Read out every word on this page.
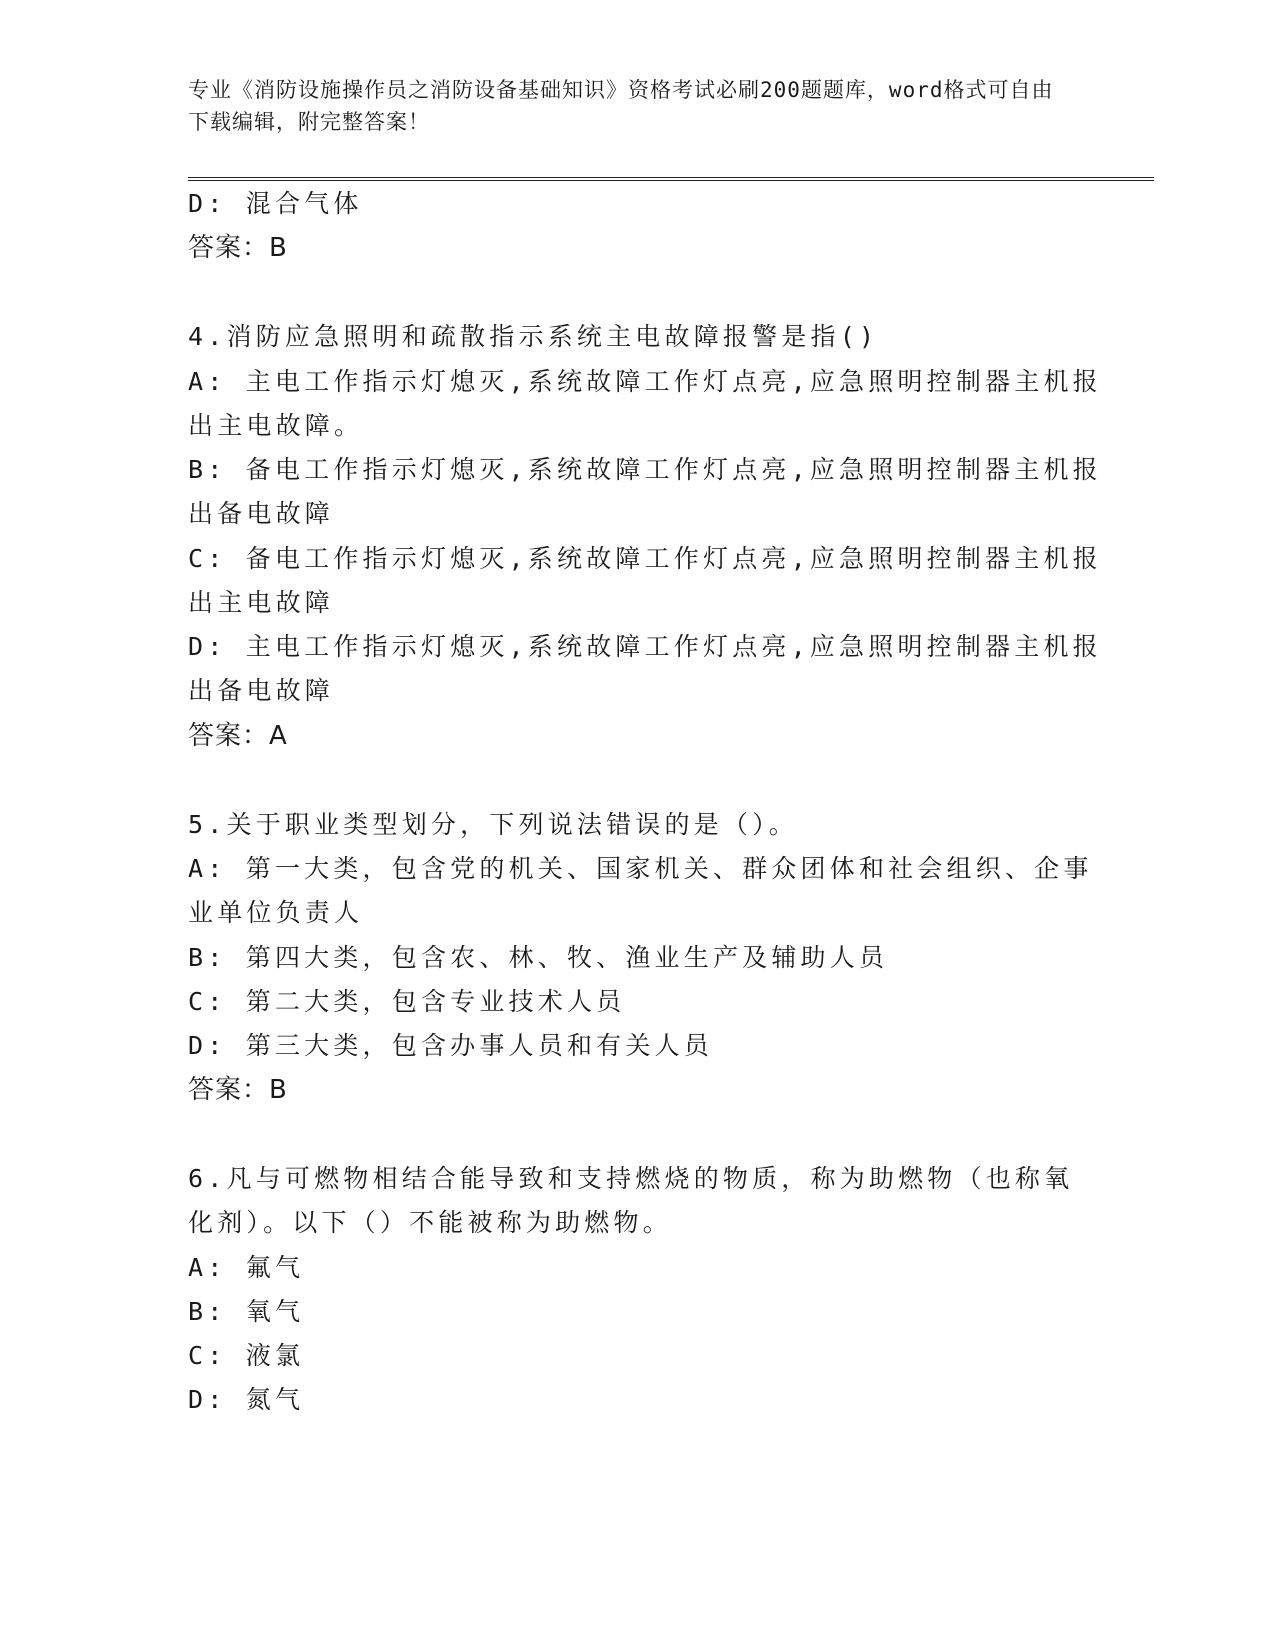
专业《消防设施操作员之消防设备基础知识》资格考试必刷200题题库，word格式可自由下载编辑，附完整答案！
D: 混合气体
答案：B
4.消防应急照明和疏散指示系统主电故障报警是指()
A: 主电工作指示灯熄灭,系统故障工作灯点亮,应急照明控制器主机报
出主电故障。
B: 备电工作指示灯熄灭,系统故障工作灯点亮,应急照明控制器主机报
出备电故障
C: 备电工作指示灯熄灭,系统故障工作灯点亮,应急照明控制器主机报
出主电故障
D: 主电工作指示灯熄灭,系统故障工作灯点亮,应急照明控制器主机报
出备电故障
答案：A
5.关于职业类型划分，下列说法错误的是（）。
A: 第一大类，包含党的机关、国家机关、群众团体和社会组织、企事
业单位负责人
B: 第四大类，包含农、林、牧、渔业生产及辅助人员
C: 第二大类，包含专业技术人员
D: 第三大类，包含办事人员和有关人员
答案：B
6.凡与可燃物相结合能导致和支持燃烧的物质，称为助燃物（也称氧
化剂）。以下（）不能被称为助燃物。
A: 氟气
B: 氧气
C: 液氯
D: 氮气
